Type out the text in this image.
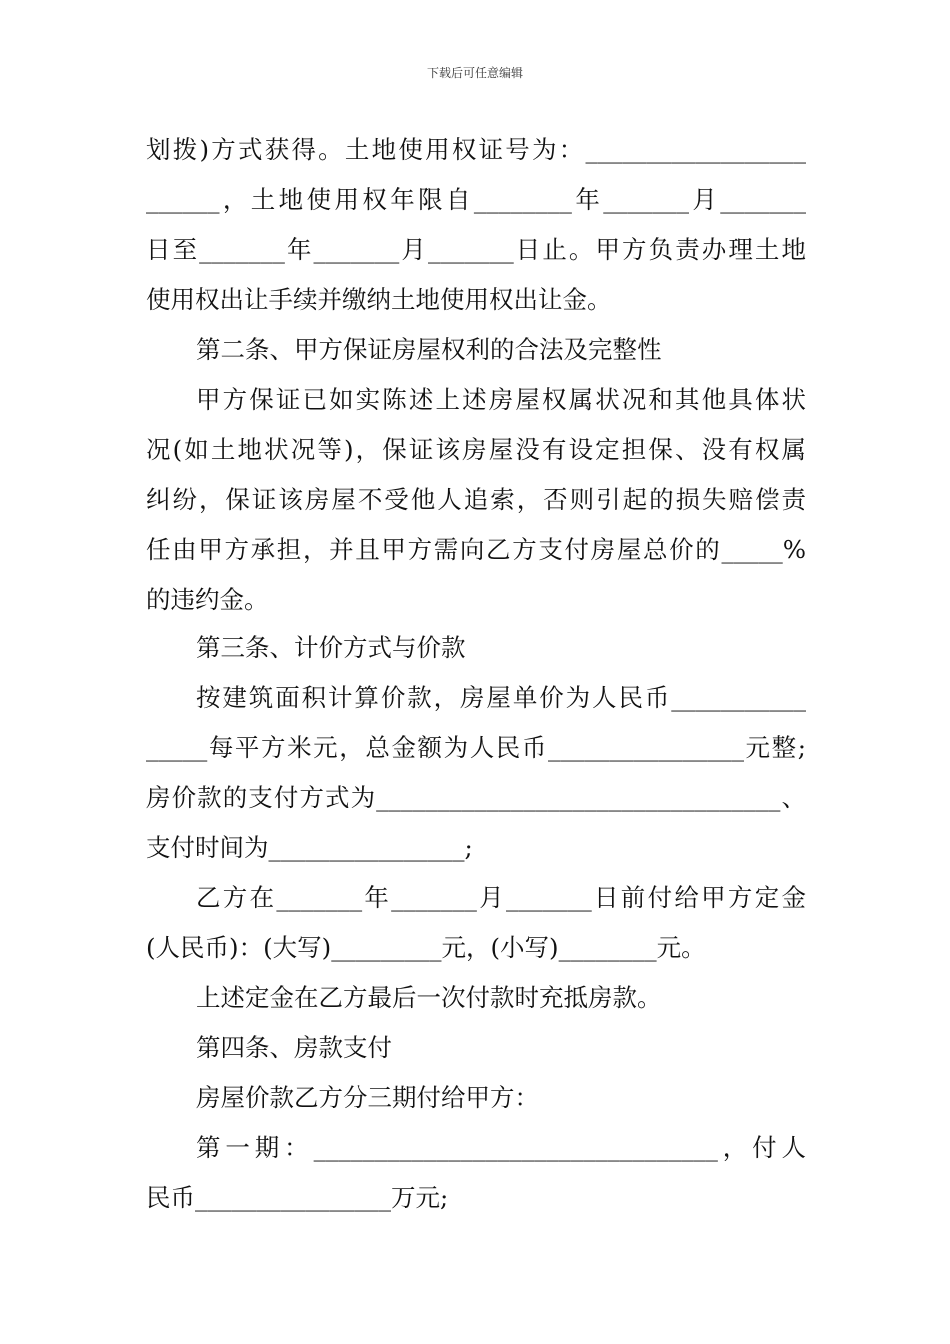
下载后可任意编辑
划拨)方式获得。土地使用权证号为：__________________
______，土地使用权年限自________年_______月_______
日至_______年_______月_______日止。甲方负责办理土地
使用权出让手续并缴纳土地使用权出让金。
第二条、甲方保证房屋权利的合法及完整性
甲方保证已如实陈述上述房屋权属状况和其他具体状
况(如土地状况等)，保证该房屋没有设定担保、没有权属
纠纷，保证该房屋不受他人追索，否则引起的损失赔偿责
任由甲方承担，并且甲方需向乙方支付房屋总价的_____%
的违约金。
第三条、计价方式与价款
按建筑面积计算价款，房屋单价为人民币___________
_____每平方米元，总金额为人民币________________元整;
房价款的支付方式为_________________________________、
支付时间为________________;
乙方在_______年_______月_______日前付给甲方定金
(人民币)：(大写)_________元，(小写)________元。
上述定金在乙方最后一次付款时充抵房款。
第四条、房款支付
房屋价款乙方分三期付给甲方：
第一期：_________________________________，付人
民币________________万元;
